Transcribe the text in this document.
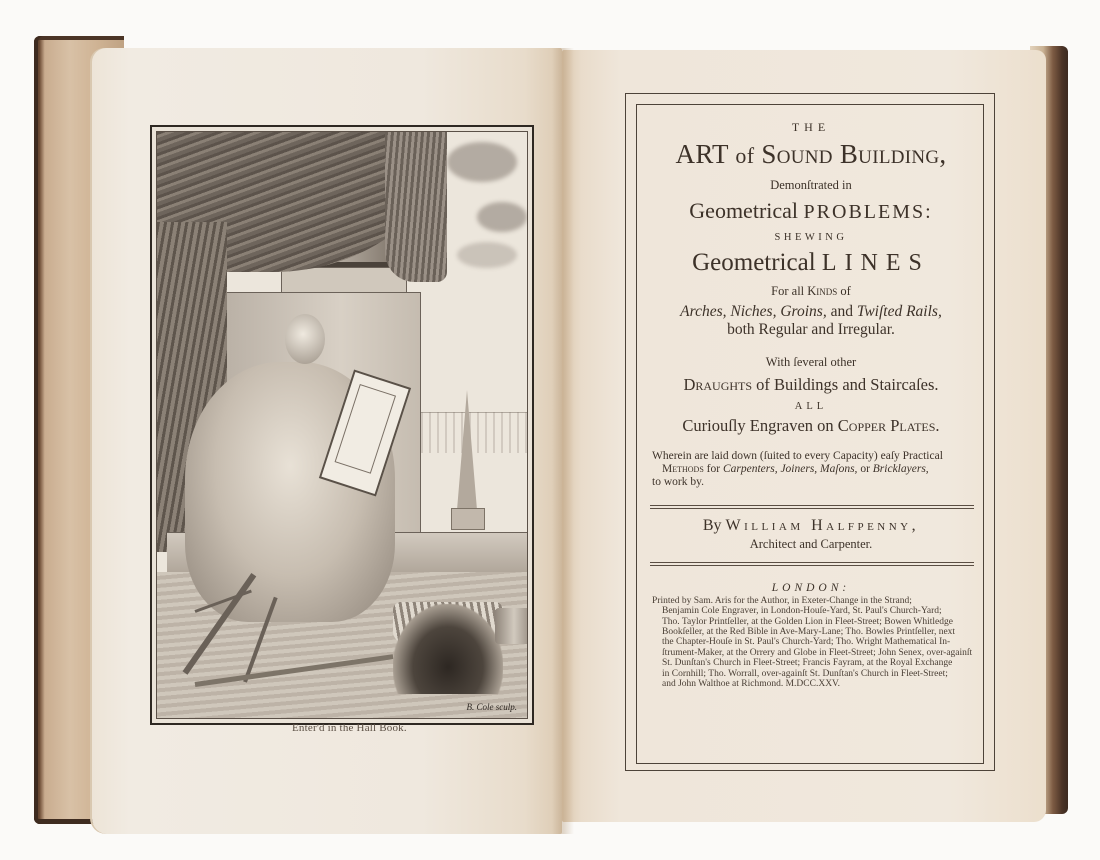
B. Cole sculp.
Enter'd in the Hall Book.
THE
ART of Sound Building,
Demonſtrated in
Geometrical PROBLEMS:
SHEWING
Geometrical LINES
For all Kinds of
Arches, Niches, Groins, and Twiſted Rails,
both Regular and Irregular.
With ſeveral other
Draughts of Buildings and Staircaſes.
ALL
Curiouſly Engraven on Copper Plates.
Wherein are laid down (ſuited to every Capacity) eaſy Practical
Methods for Carpenters, Joiners, Maſons, or Bricklayers,
to work by.
By William Halfpenny,
Architect and Carpenter.
LONDON:
Printed by Sam. Aris for the Author, in Exeter-Change in the Strand;
Benjamin Cole Engraver, in London-Houſe-Yard, St. Paul's Church-Yard;
Tho. Taylor Printſeller, at the Golden Lion in Fleet-Street; Bowen Whitledge
Bookſeller, at the Red Bible in Ave-Mary-Lane; Tho. Bowles Printſeller, next
the Chapter-Houſe in St. Paul's Church-Yard; Tho. Wright Mathematical In-
ſtrument-Maker, at the Orrery and Globe in Fleet-Street; John Senex, over-againſt
St. Dunſtan's Church in Fleet-Street; Francis Fayram, at the Royal Exchange
in Cornhill; Tho. Worrall, over-againſt St. Dunſtan's Church in Fleet-Street;
and John Walthoe at Richmond. M.DCC.XXV.
